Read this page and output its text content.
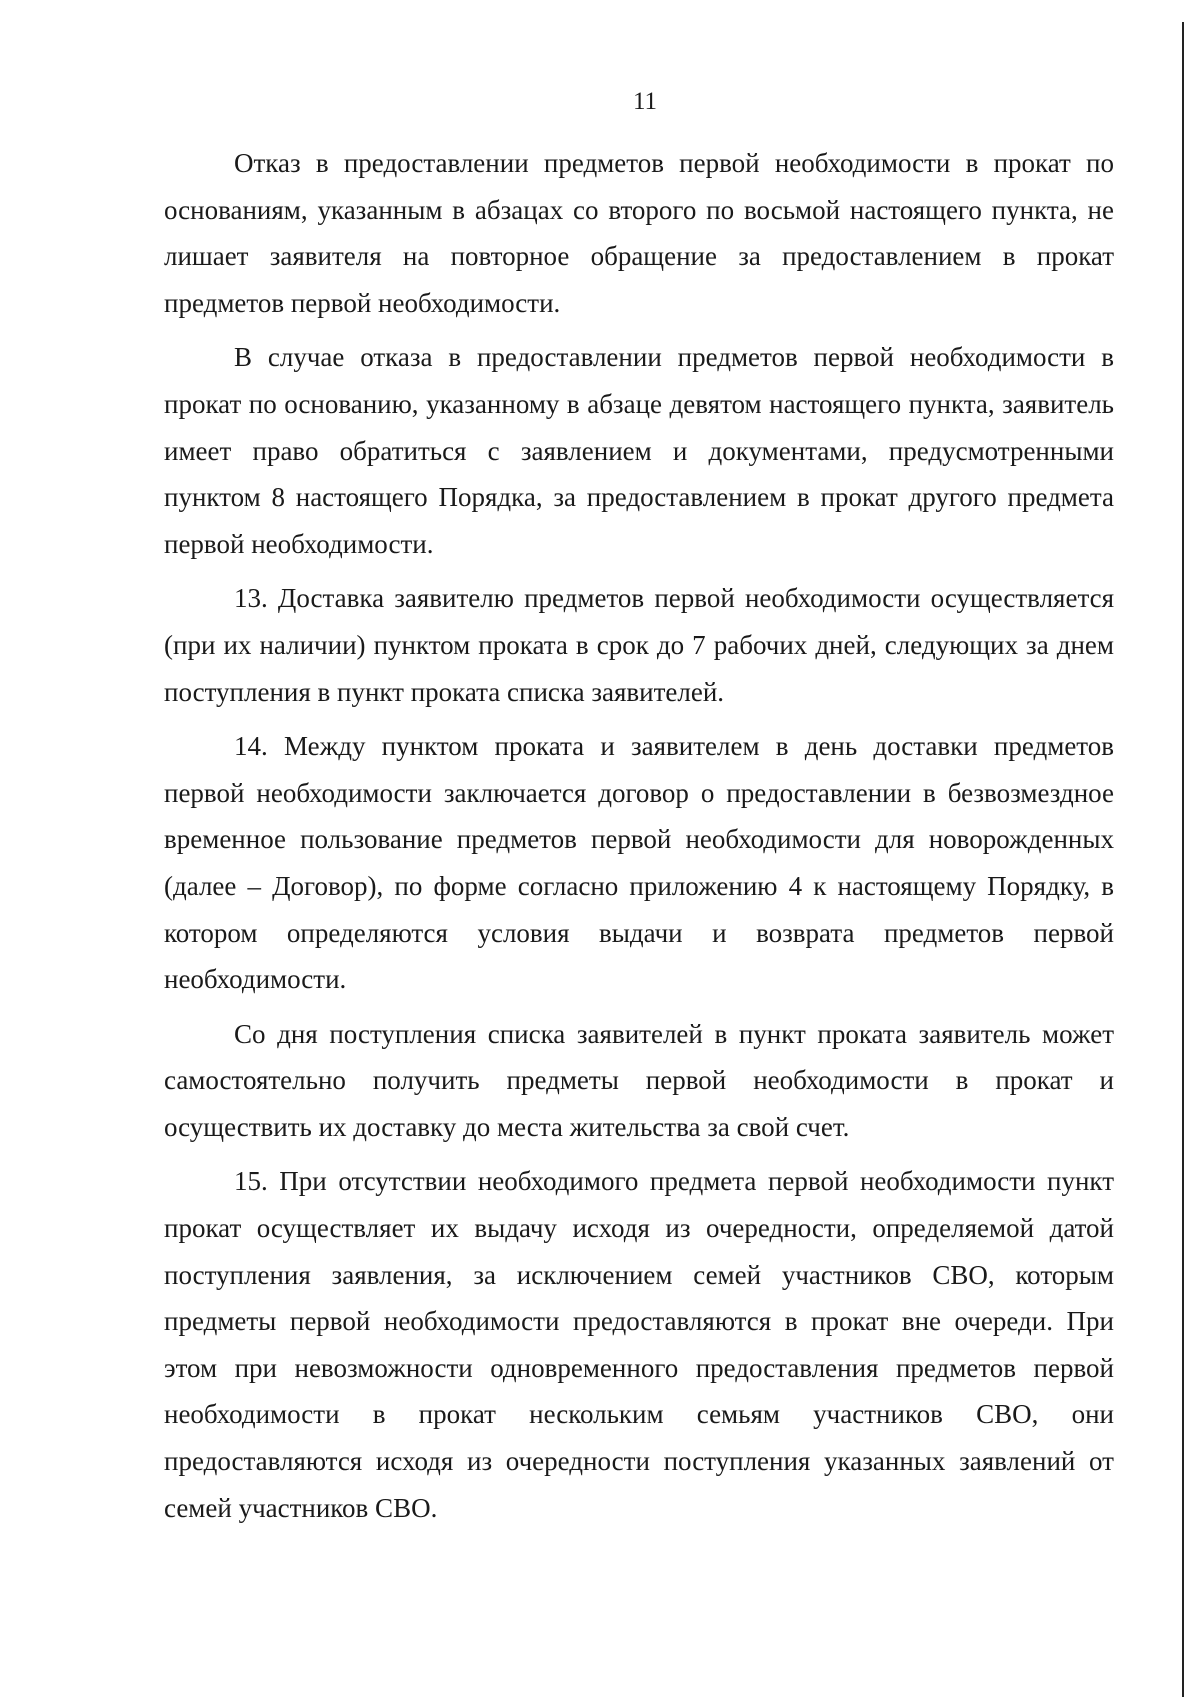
11

Отказ в предоставлении предметов первой необходимости в прокат по основаниям, указанным в абзацах со второго по восьмой настоящего пункта, не лишает заявителя на повторное обращение за предоставлением в прокат предметов первой необходимости.

В случае отказа в предоставлении предметов первой необходимости в прокат по основанию, указанному в абзаце девятом настоящего пункта, заявитель имеет право обратиться с заявлением и документами, предусмотренными пунктом 8 настоящего Порядка, за предоставлением в прокат другого предмета первой необходимости.

13. Доставка заявителю предметов первой необходимости осуществляется (при их наличии) пунктом проката в срок до 7 рабочих дней, следующих за днем поступления в пункт проката списка заявителей.

14. Между пунктом проката и заявителем в день доставки предметов первой необходимости заключается договор о предоставлении в безвозмездное временное пользование предметов первой необходимости для новорожденных (далее – Договор), по форме согласно приложению 4 к настоящему Порядку, в котором определяются условия выдачи и возврата предметов первой необходимости.

Со дня поступления списка заявителей в пункт проката заявитель может самостоятельно получить предметы первой необходимости в прокат и осуществить их доставку до места жительства за свой счет.

15. При отсутствии необходимого предмета первой необходимости пункт прокат осуществляет их выдачу исходя из очередности, определяемой датой поступления заявления, за исключением семей участников СВО, которым предметы первой необходимости предоставляются в прокат вне очереди. При этом при невозможности одновременного предоставления предметов первой необходимости в прокат нескольким семьям участников СВО, они предоставляются исходя из очередности поступления указанных заявлений от семей участников СВО.
